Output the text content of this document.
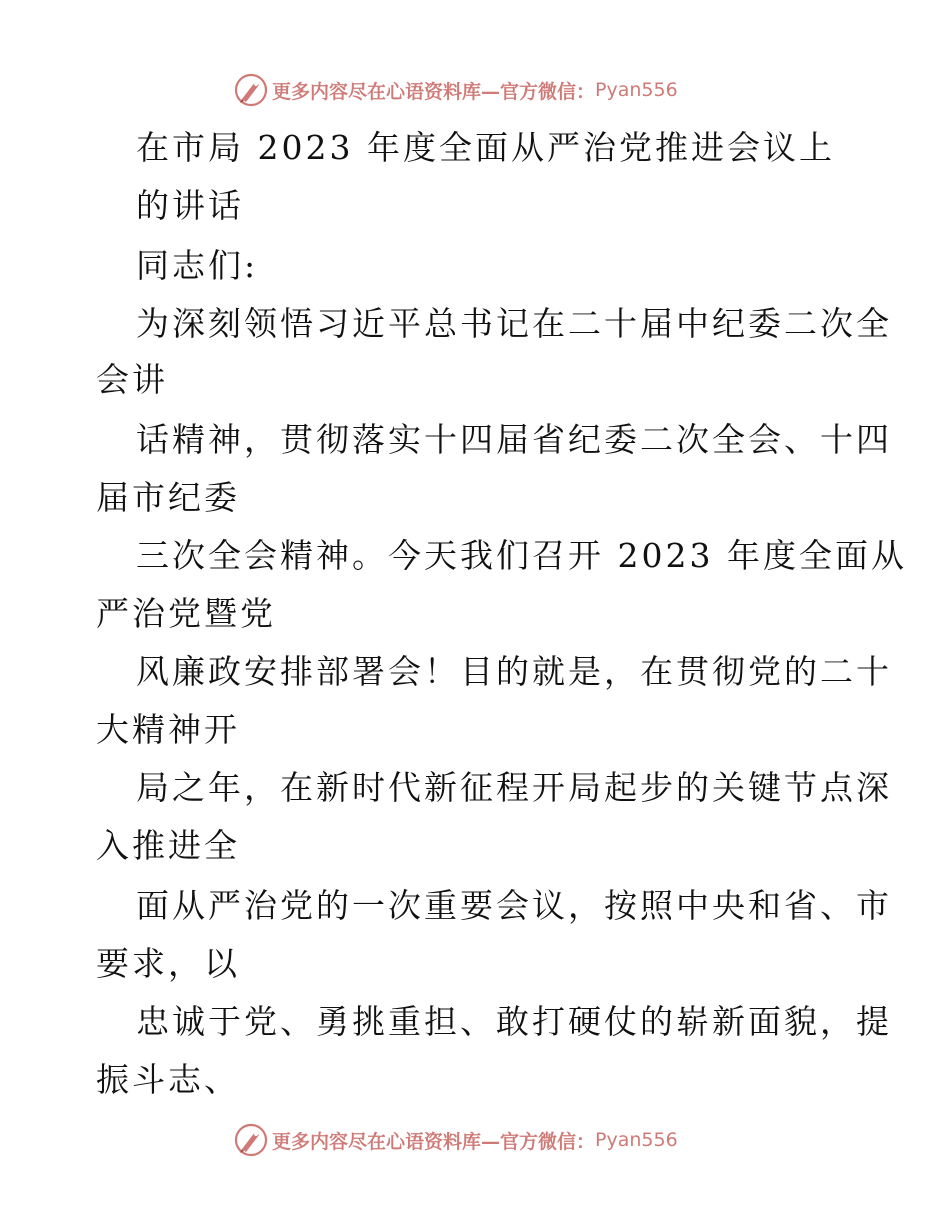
更多内容尽在心语资料库—官方微信： Pyan556
在市局 2023 年度全面从严治党推进会议上
的讲话
同志们:
为深刻领悟习近平总书记在二十届中纪委二次全
会讲
话精神，贯彻落实十四届省纪委二次全会、十四
届市纪委
三次全会精神。今天我们召开 2023 年度全面从
严治党暨党
风廉政安排部署会！目的就是，在贯彻党的二十
大精神开
局之年，在新时代新征程开局起步的关键节点深
入推进全
面从严治党的一次重要会议，按照中央和省、市
要求，以
忠诚于党、勇挑重担、敢打硬仗的崭新面貌，提
振斗志、
更多内容尽在心语资料库—官方微信： Pyan556
